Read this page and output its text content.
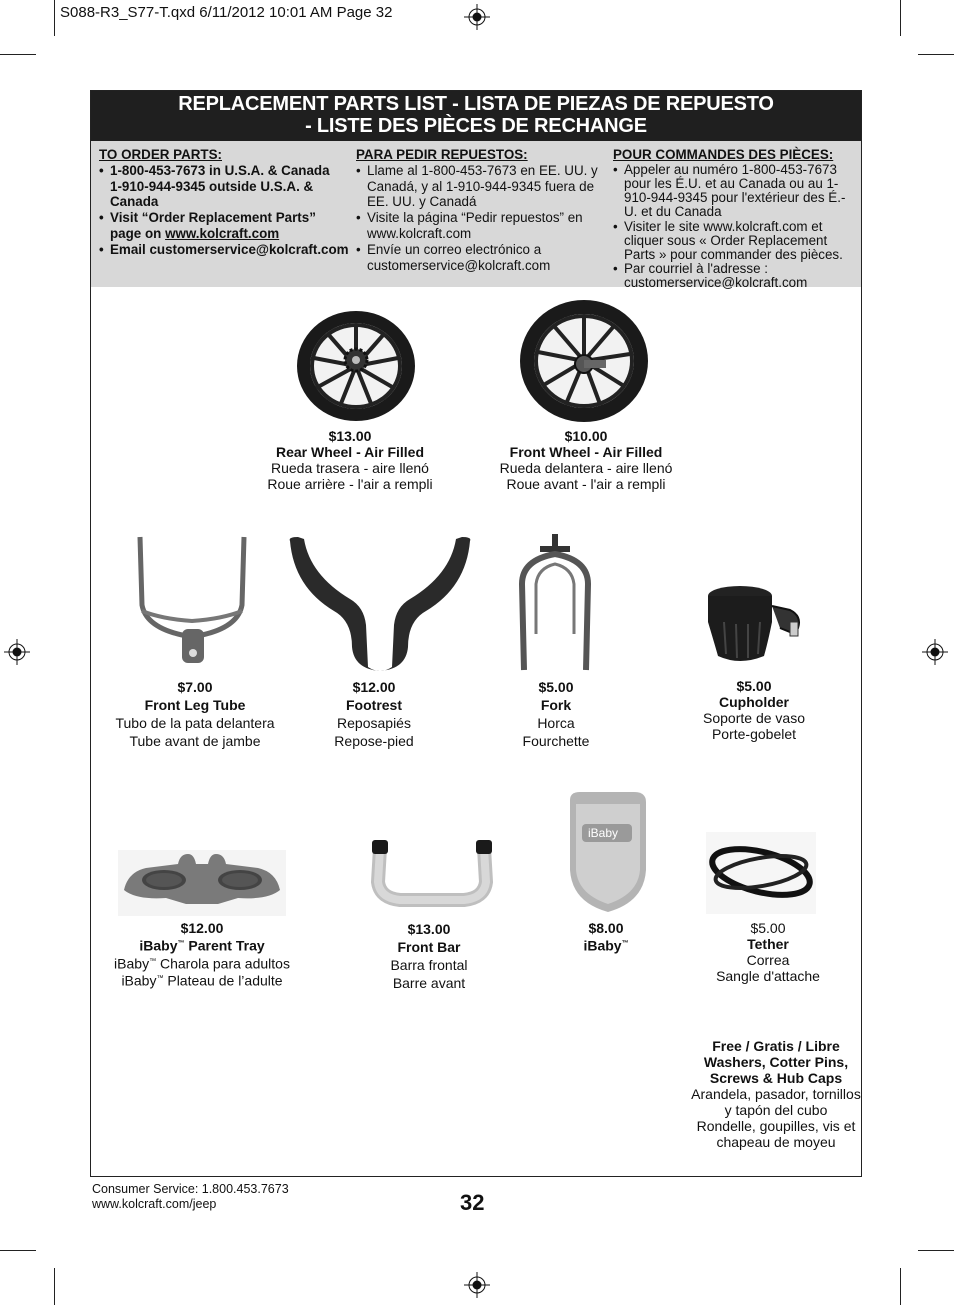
S088-R3_S77-T.qxd 6/11/2012 10:01 AM Page 32
REPLACEMENT PARTS LIST - LISTA DE PIEZAS DE REPUESTO
- LISTE DES PIÈCES DE RECHANGE
TO ORDER PARTS:
• 1-800-453-7673 in U.S.A. & Canada
1-910-944-9345 outside U.S.A. & Canada
• Visit “Order Replacement Parts” page on www.kolcraft.com
• Email customerservice@kolcraft.com
PARA PEDIR REPUESTOS:
• Llame al 1-800-453-7673 en EE. UU. y Canadá, y al 1-910-944-9345 fuera de EE. UU. y Canadá
• Visite la página “Pedir repuestos” en www.kolcraft.com
• Envíe un correo electrónico a customerservice@kolcraft.com
POUR COMMANDES DES PIÈCES:
• Appeler au numéro 1-800-453-7673 pour les É.U. et au Canada ou au 1-910-944-9345 pour l'extérieur des É.-U. et du Canada
• Visiter le site www.kolcraft.com et cliquer sous « Order Replacement Parts » pour commander des pièces.
• Par courriel à l'adresse : customerservice@kolcraft.com
iBaby
$13.00
Rear Wheel - Air Filled
Rueda trasera - aire llenó
Roue arrière - l'air a rempli
$10.00
Front Wheel - Air Filled
Rueda delantera - aire llenó
Roue avant - l'air a rempli
$7.00
Front Leg Tube
Tubo de la pata delantera
Tube avant de jambe
$12.00
Footrest
Reposapiés
Repose-pied
$5.00
Fork
Horca
Fourchette
$5.00
Cupholder
Soporte de vaso
Porte-gobelet
$12.00
iBaby™ Parent Tray
iBaby™ Charola para adultos
iBaby™ Plateau de l’adulte
$13.00
Front Bar
Barra frontal
Barre avant
$8.00
iBaby™
$5.00
Tether
Correa
Sangle d'attache
Free / Gratis / Libre
Washers, Cotter Pins, Screws & Hub Caps
Arandela, pasador, tornillos y tapón del cubo
Rondelle, goupilles, vis et chapeau de moyeu
Consumer Service: 1.800.453.7673
www.kolcraft.com/jeep	32
